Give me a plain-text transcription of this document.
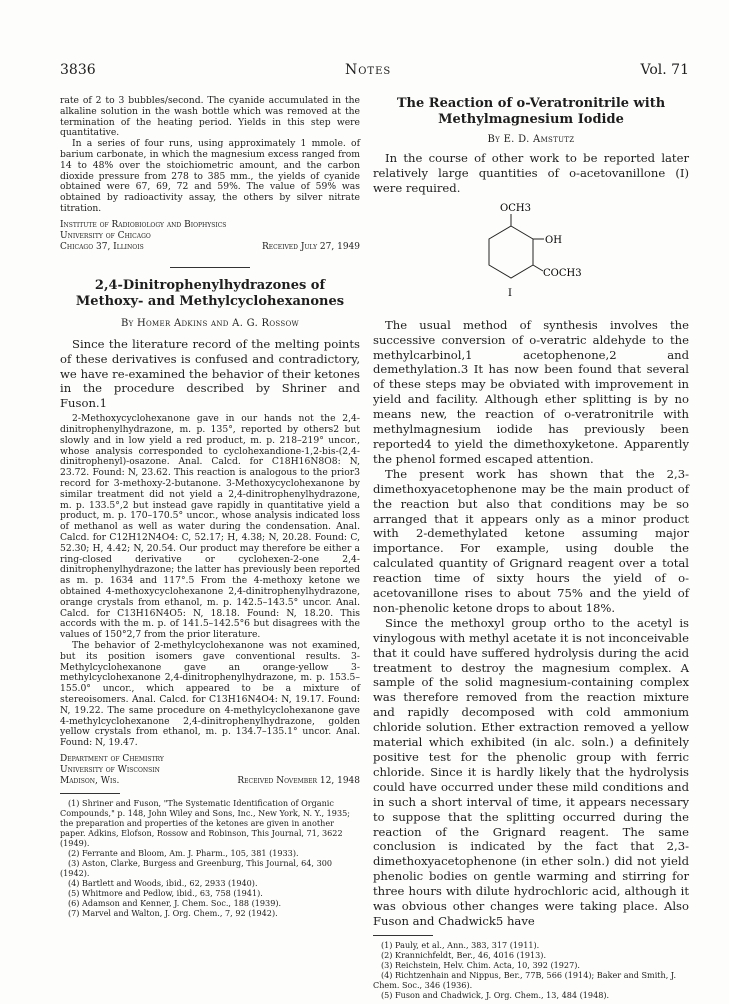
3836	Notes	Vol. 71

rate of 2 to 3 bubbles/second. The cyanide accumulated in the alkaline solution in the wash bottle which was removed at the termination of the heating period. Yields in this step were quantitative.

In a series of four runs, using approximately 1 mmole. of barium carbonate, in which the magnesium excess ranged from 14 to 48% over the stoichiometric amount, and the carbon dioxide pressure from 278 to 385 mm., the yields of cyanide obtained were 67, 69, 72 and 59%. The value of 59% was obtained by radioactivity assay, the others by silver nitrate titration.

Institute of Radiobiology and Biophysics
University of Chicago
Chicago 37, Illinois	Received July 27, 1949
2,4-Dinitrophenylhydrazones of Methoxy- and Methylcyclohexanones
By Homer Adkins and A. G. Rossow

Since the literature record of the melting points of these derivatives is confused and contradictory, we have re-examined the behavior of their ketones in the procedure described by Shriner and Fuson.1

2-Methoxycyclohexanone gave in our hands not the 2,4-dinitrophenylhydrazone, m. p. 135°, reported by others2 but slowly and in low yield a red product, m. p. 218–219° uncor., whose analysis corresponded to cyclohexandione-1,2-bis-(2,4-dinitrophenyl)-osazone. Anal. Calcd. for C18H16N8O8: N, 23.72. Found: N, 23.62. This reaction is analogous to the prior3 record for 3-methoxy-2-butanone. 3-Methoxycyclohexanone by similar treatment did not yield a 2,4-dinitrophenylhydrazone, m. p. 133.5°,2 but instead gave rapidly in quantitative yield a product, m. p. 170–170.5° uncor., whose analysis indicated loss of methanol as well as water during the condensation. Anal. Calcd. for C12H12N4O4: C, 52.17; H, 4.38; N, 20.28. Found: C, 52.30; H, 4.42; N, 20.54. Our product may therefore be either a ring-closed derivative or cyclohexen-2-one 2,4-dinitrophenylhydrazone; the latter has previously been reported as m. p. 1634 and 117°.5 From the 4-methoxy ketone we obtained 4-methoxycyclohexanone 2,4-dinitrophenylhydrazone, orange crystals from ethanol, m. p. 142.5–143.5° uncor. Anal. Calcd. for C13H16N4O5: N, 18.18. Found: N, 18.20. This accords with the m. p. of 141.5–142.5°6 but disagrees with the values of 150°2,7 from the prior literature.

The behavior of 2-methylcyclohexanone was not examined, but its position isomers gave conventional results. 3-Methylcyclohexanone gave an orange-yellow 3-methylcyclohexanone 2,4-dinitrophenylhydrazone, m. p. 153.5–155.0° uncor., which appeared to be a mixture of stereoisomers. Anal. Calcd. for C13H16N4O4: N, 19.17. Found: N, 19.22. The same procedure on 4-methylcyclohexanone gave 4-methylcyclohexanone 2,4-dinitrophenylhydrazone, golden yellow crystals from ethanol, m. p. 134.7–135.1° uncor. Anal. Found: N, 19.47.

Department of Chemistry
University of Wisconsin
Madison, Wis.	Received November 12, 1948
(1) Shriner and Fuson, "The Systematic Identification of Organic Compounds," p. 148, John Wiley and Sons, Inc., New York, N. Y., 1935; the preparation and properties of the ketones are given in another paper. Adkins, Elofson, Rossow and Robinson, This Journal, 71, 3622 (1949).
(2) Ferrante and Bloom, Am. J. Pharm., 105, 381 (1933).
(3) Aston, Clarke, Burgess and Greenburg, This Journal, 64, 300 (1942).
(4) Bartlett and Woods, ibid., 62, 2933 (1940).
(5) Whitmore and Pedlow, ibid., 63, 758 (1941).
(6) Adamson and Kenner, J. Chem. Soc., 188 (1939).
(7) Marvel and Walton, J. Org. Chem., 7, 92 (1942).
The Reaction of o-Veratronitrile with Methylmagnesium Iodide
By E. D. Amstutz

In the course of other work to be reported later relatively large quantities of o-acetovanillone (I) were required.

OCH3
OH
COCH3
I

The usual method of synthesis involves the successive conversion of o-veratric aldehyde to the methylcarbinol,1 acetophenone,2 and demethylation.3 It has now been found that several of these steps may be obviated with improvement in yield and facility. Although ether splitting is by no means new, the reaction of o-veratronitrile with methylmagnesium iodide has previously been reported4 to yield the dimethoxyketone. Apparently the phenol formed escaped attention.

The present work has shown that the 2,3-dimethoxyacetophenone may be the main product of the reaction but also that conditions may be so arranged that it appears only as a minor product with 2-demethylated ketone assuming major importance. For example, using double the calculated quantity of Grignard reagent over a total reaction time of sixty hours the yield of o-acetovanillone rises to about 75% and the yield of non-phenolic ketone drops to about 18%.

Since the methoxyl group ortho to the acetyl is vinylogous with methyl acetate it is not inconceivable that it could have suffered hydrolysis during the acid treatment to destroy the magnesium complex. A sample of the solid magnesium-containing complex was therefore removed from the reaction mixture and rapidly decomposed with cold ammonium chloride solution. Ether extraction removed a yellow material which exhibited (in alc. soln.) a definitely positive test for the phenolic group with ferric chloride. Since it is hardly likely that the hydrolysis could have occurred under these mild conditions and in such a short interval of time, it appears necessary to suppose that the splitting occurred during the reaction of the Grignard reagent. The same conclusion is indicated by the fact that 2,3-dimethoxyacetophenone (in ether soln.) did not yield phenolic bodies on gentle warming and stirring for three hours with dilute hydrochloric acid, although it was obvious other changes were taking place. Also Fuson and Chadwick5 have

(1) Pauly, et al., Ann., 383, 317 (1911).
(2) Krannichfeldt, Ber., 46, 4016 (1913).
(3) Reichstein, Helv. Chim. Acta, 10, 392 (1927).
(4) Richtzenhain and Nippus, Ber., 77B, 566 (1914); Baker and Smith, J. Chem. Soc., 346 (1936).
(5) Fuson and Chadwick, J. Org. Chem., 13, 484 (1948).
